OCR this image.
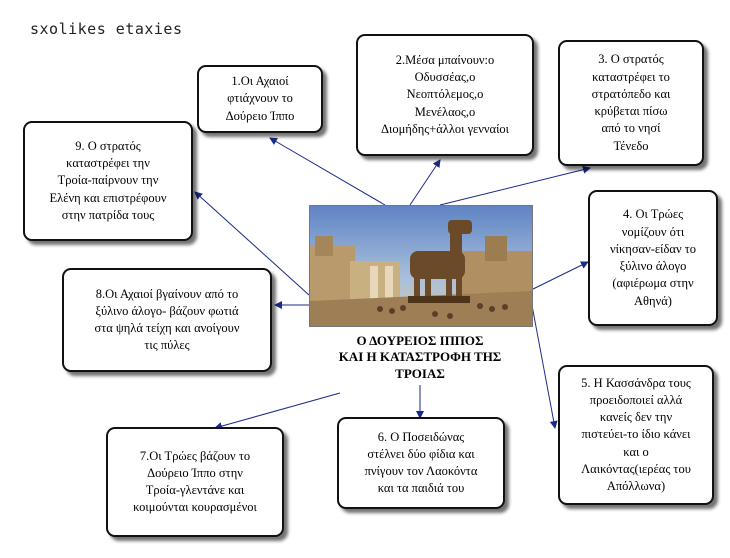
sxolikes etaxies
Ο ΔΟΥΡΕΙΟΣ ΙΠΠΟΣ
ΚΑΙ Η ΚΑΤΑΣΤΡΟΦΗ ΤΗΣ
ΤΡΟΙΑΣ
1.Οι Αχαιοί
φτιάχνουν το
Δούρειο Ίππο
2.Μέσα μπαίνουν:ο
Οδυσσέας,ο
Νεοπτόλεμος,ο
Μενέλαος,ο
Διομήδης+άλλοι γενναίοι
3. Ο στρατός
καταστρέφει το
στρατόπεδο και
κρύβεται πίσω
από το νησί
Τένεδο
4. Οι Τρώες
νομίζουν ότι
νίκησαν-είδαν το
ξύλινο άλογο
(αφιέρωμα στην
Αθηνά)
5. Η Κασσάνδρα τους
προειδοποιεί αλλά
κανείς δεν την
πιστεύει-το ίδιο κάνει
και ο
Λαικόντας(ιερέας του
Απόλλωνα)
6. Ο Ποσειδώνας
στέλνει δύο φίδια και
πνίγουν τον Λαοκόντα
και τα παιδιά του
7.Οι Τρώες βάζουν το
Δούρειο Ίππο στην
Τροία-γλεντάνε και
κοιμούνται κουρασμένοι
8.Οι Αχαιοί βγαίνουν από το
ξύλινο άλογο- βάζουν φωτιά
στα ψηλά τείχη και ανοίγουν
τις πύλες
9. Ο στρατός
καταστρέφει την
Τροία-παίρνουν την
Ελένη και επιστρέφουν
στην πατρίδα τους
